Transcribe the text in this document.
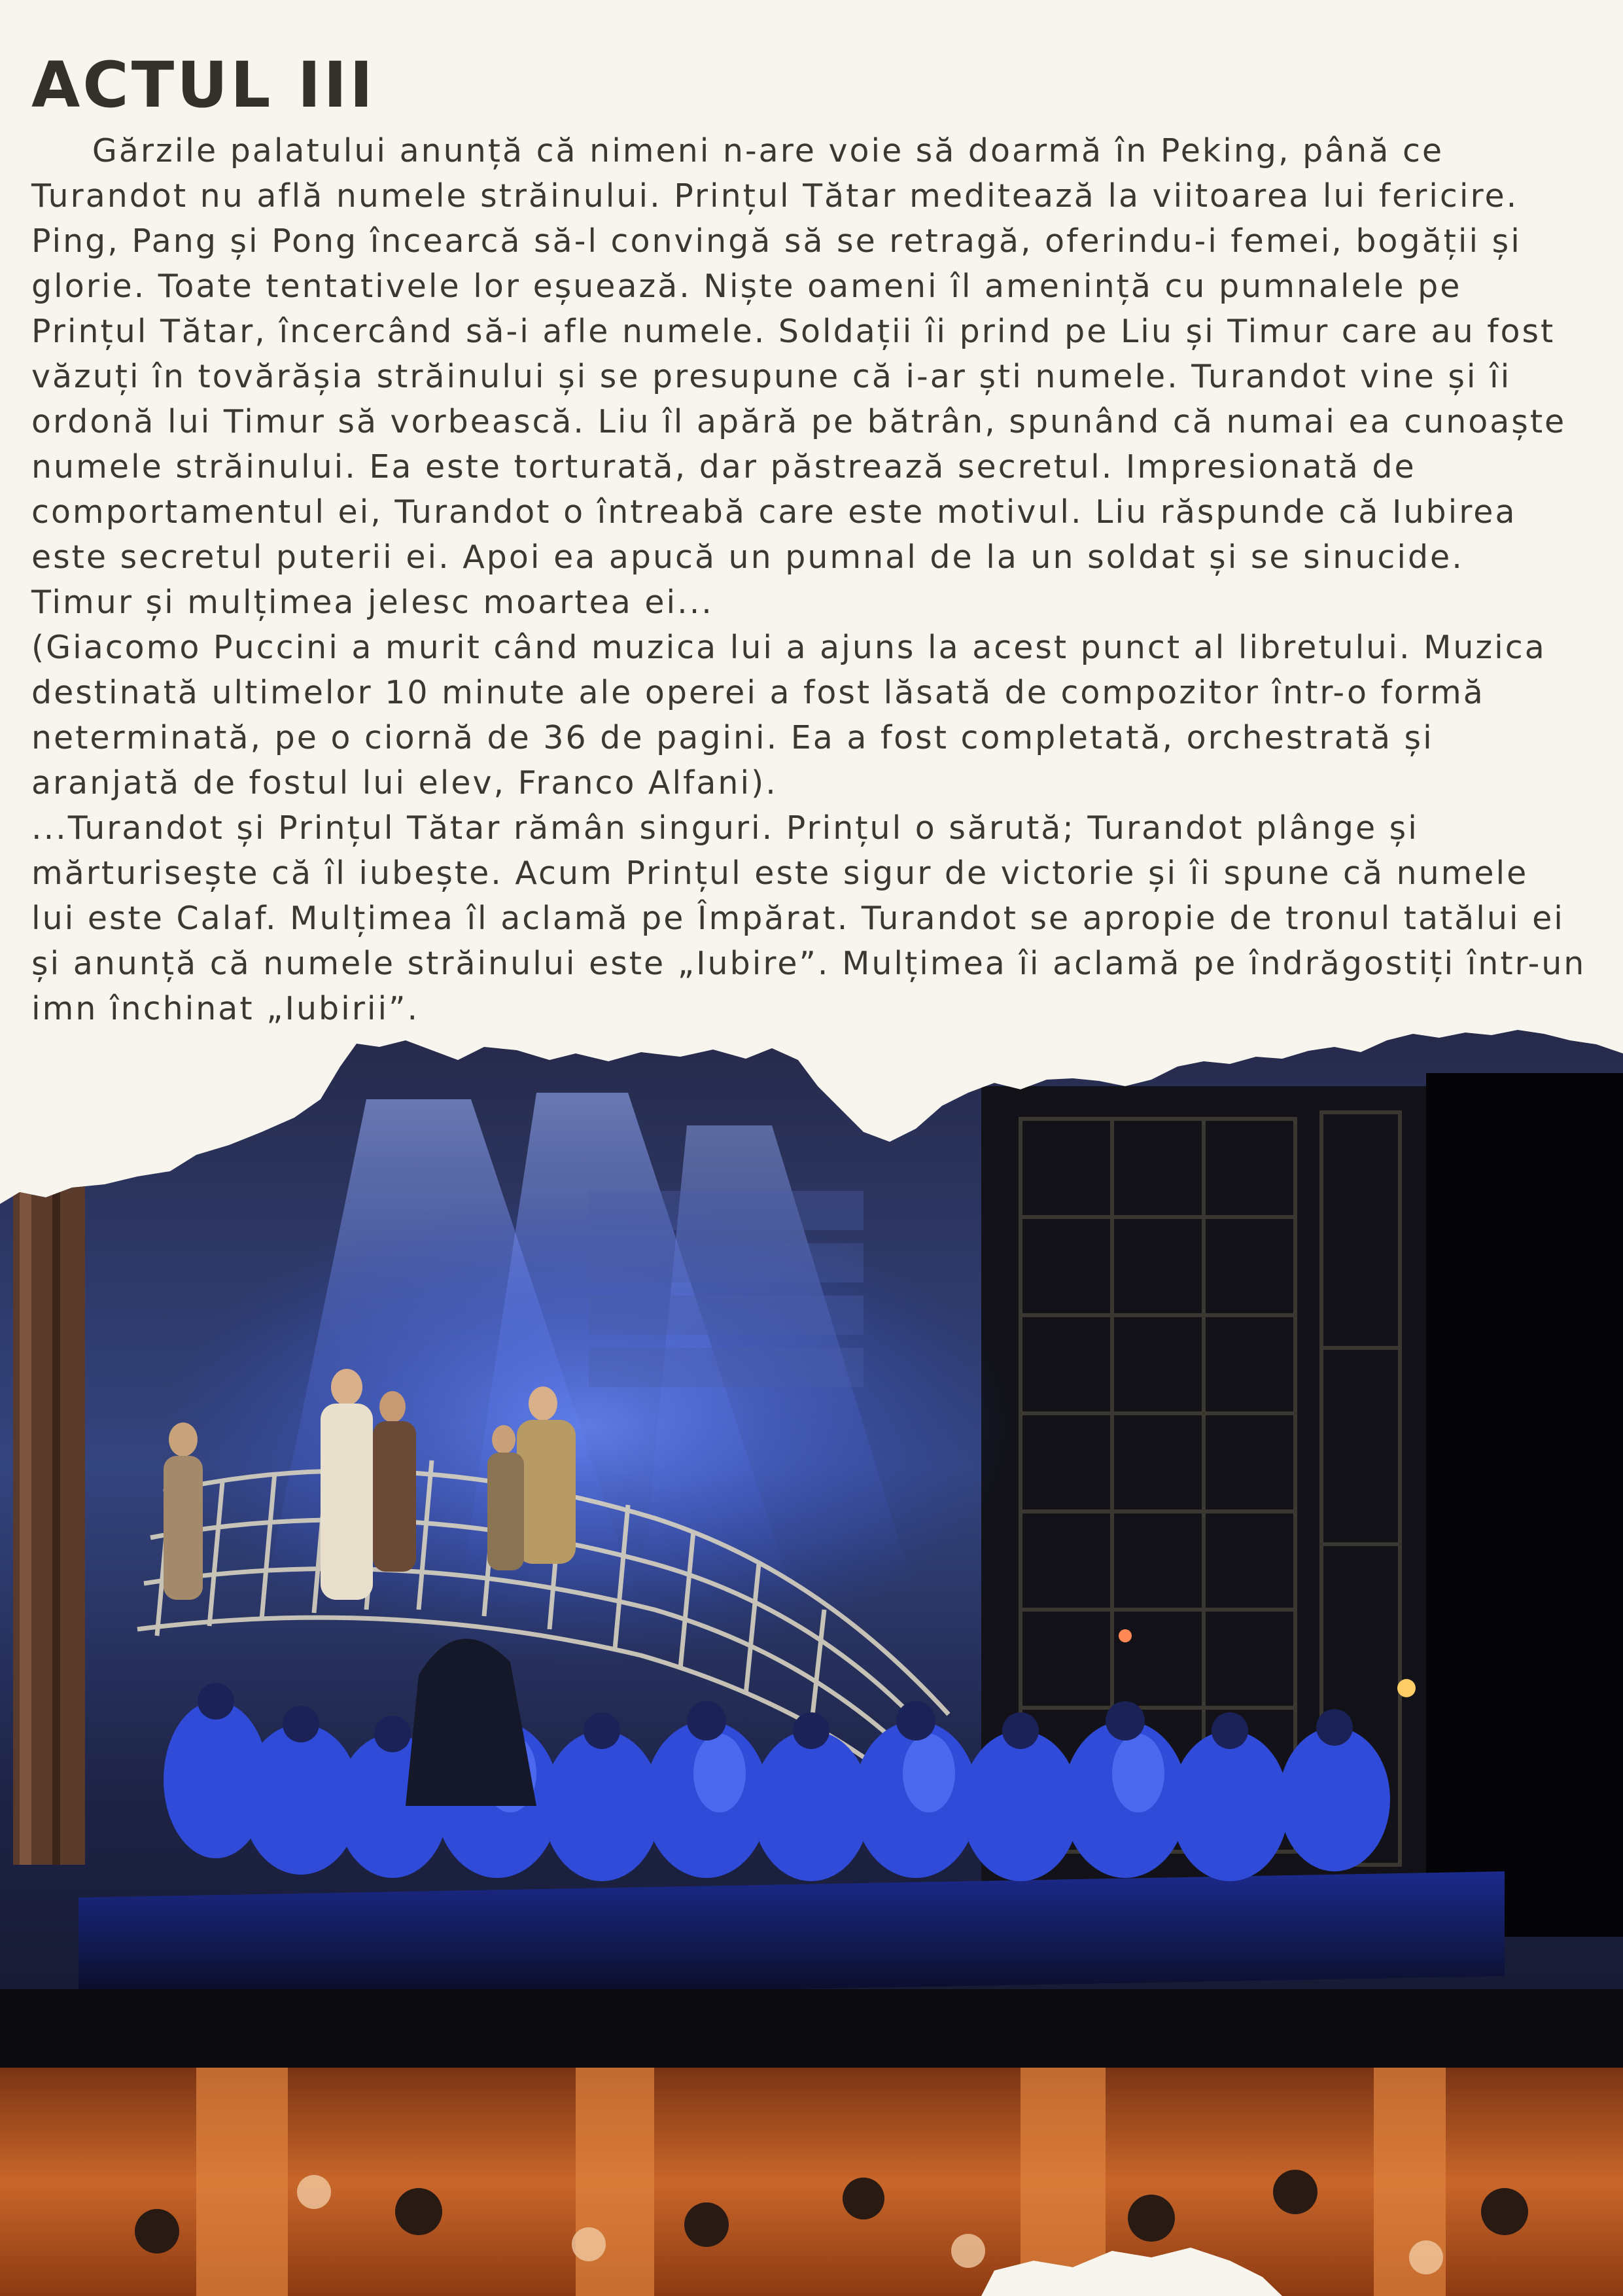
ACTUL III

Gărzile palatului anunță că nimeni n-are voie să doarmă în Peking, până ce

Turandot nu află numele străinului. Prințul Tătar meditează la viitoarea lui fericire.

Ping, Pang și Pong încearcă să-l convingă să se retragă, oferindu-i femei, bogății și

glorie. Toate tentativele lor eșuează. Niște oameni îl amenință cu pumnalele pe

Prințul Tătar, încercând să-i afle numele. Soldații îi prind pe Liu și Timur care au fost

văzuți în tovărășia străinului și se presupune că i-ar ști numele. Turandot vine și îi

ordonă lui Timur să vorbească. Liu îl apără pe bătrân, spunând că numai ea cunoaște

numele străinului. Ea este torturată, dar păstrează secretul. Impresionată de

comportamentul ei, Turandot o întreabă care este motivul. Liu răspunde că Iubirea

este secretul puterii ei. Apoi ea apucă un pumnal de la un soldat și se sinucide.

Timur și mulțimea jelesc moartea ei...

(Giacomo Puccini a murit când muzica lui a ajuns la acest punct al libretului. Muzica

destinată ultimelor 10 minute ale operei a fost lăsată de compozitor într-o formă

neterminată, pe o ciornă de 36 de pagini. Ea a fost completată, orchestrată și

aranjată de fostul lui elev, Franco Alfani).

...Turandot și Prințul Tătar rămân singuri. Prințul o sărută; Turandot plânge și

mărturisește că îl iubește. Acum Prințul este sigur de victorie și îi spune că numele

lui este Calaf. Mulțimea îl aclamă pe Împărat. Turandot se apropie de tronul tatălui ei

și anunță că numele străinului este „Iubire”. Mulțimea îi aclamă pe îndrăgostiți într-un

imn închinat „Iubirii”.
